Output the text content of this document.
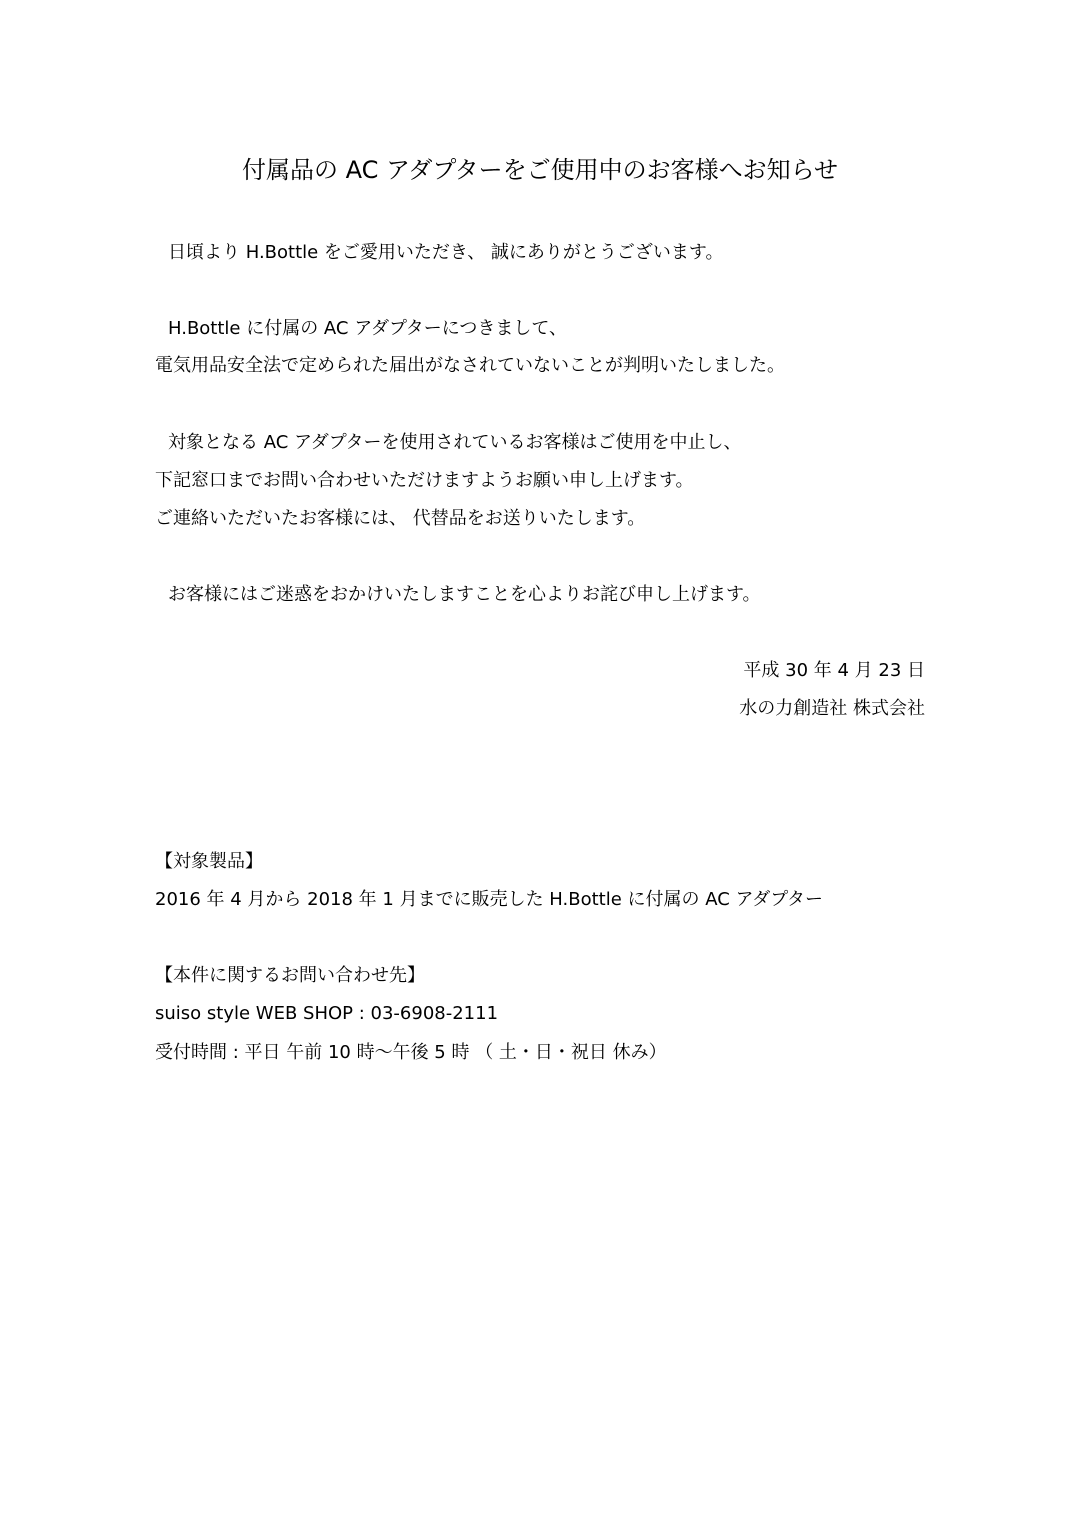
付属品の AC アダプターをご使用中のお客様へお知らせ
日頃より H.Bottle をご愛用いただき、 誠にありがとうございます。
H.Bottle に付属の AC アダプターにつきまして、
電気用品安全法で定められた届出がなされていないことが判明いたしました。
対象となる AC アダプターを使用されているお客様はご使用を中止し、
下記窓口までお問い合わせいただけますようお願い申し上げます。
ご連絡いただいたお客様には、 代替品をお送りいたします。
お客様にはご迷惑をおかけいたしますことを心よりお詫び申し上げます。
平成 30 年 4 月 23 日
水の力創造社 株式会社
【対象製品】
2016 年 4 月から 2018 年 1 月までに販売した H.Bottle に付属の AC アダプター
【本件に関するお問い合わせ先】
suiso style WEB SHOP : 03-6908-2111
受付時間 : 平日 午前 10 時～午後 5 時 （ 土・日・祝日 休み）
